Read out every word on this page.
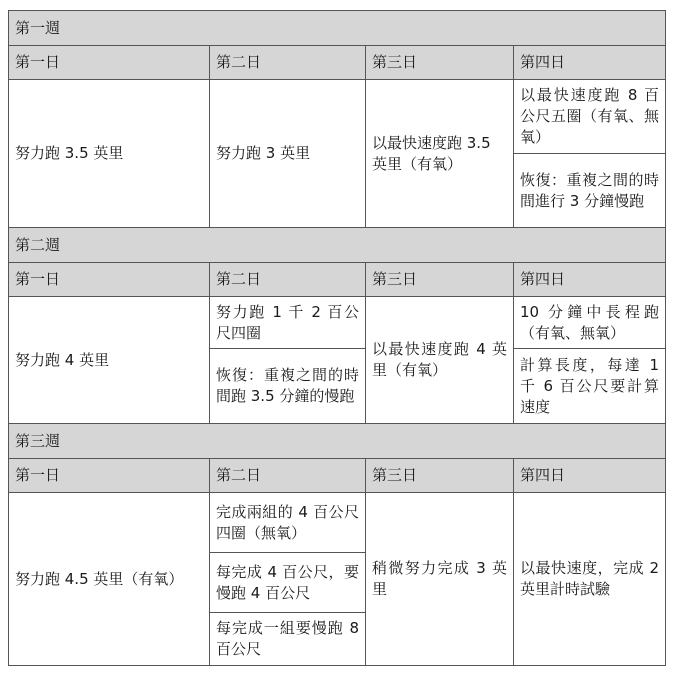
第一週			
第一日	第二日	第三日	第四日
努力跑 3.5 英里	努力跑 3 英里	以最快速度跑 3.5 英里（有氧）	以最快速度跑 8 百公尺五圈（有氧、無氧）
			恢復：重複之間的時間進行 3 分鐘慢跑
第二週			
第一日	第二日	第三日	第四日
努力跑 4 英里	努力跑 1 千 2 百公尺四圈	以最快速度跑 4 英里（有氧）	10 分鐘中長程跑（有氧、無氧）
	恢復：重複之間的時間跑 3.5 分鐘的慢跑		計算長度，每達 1 千 6 百公尺要計算速度
第三週			
第一日	第二日	第三日	第四日
努力跑 4.5 英里（有氧）	完成兩組的 4 百公尺四圈（無氧）	稍微努力完成 3 英里	以最快速度，完成 2 英里計時試驗
	每完成 4 百公尺，要慢跑 4 百公尺		
	每完成一組要慢跑 8 百公尺		
